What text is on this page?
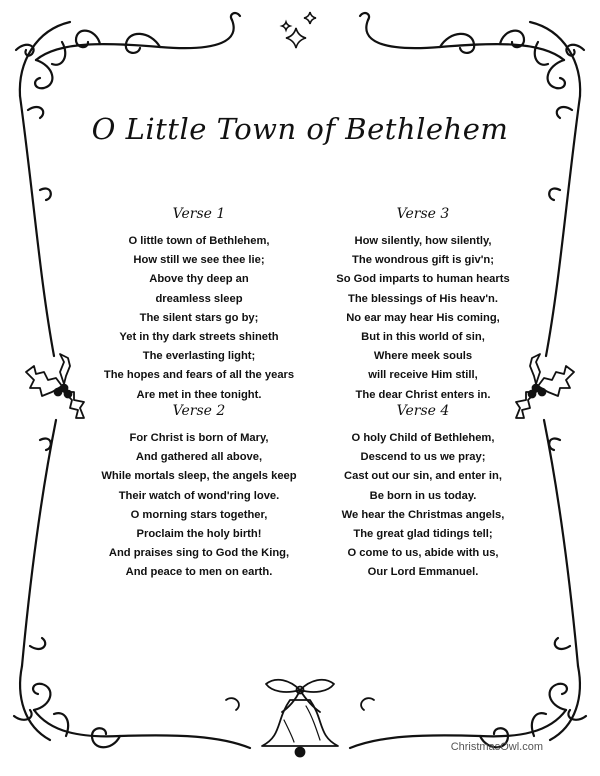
O Little Town of Bethlehem
Verse 1
O little town of Bethlehem,
How still we see thee lie;
Above thy deep an
dreamless sleep
The silent stars go by;
Yet in thy dark streets shineth
The everlasting light;
The hopes and fears of all the years
Are met in thee tonight.
Verse 2
For Christ is born of Mary,
And gathered all above,
While mortals sleep, the angels keep
Their watch of wond'ring love.
O morning stars together,
Proclaim the holy birth!
And praises sing to God the King,
And peace to men on earth.
Verse 3
How silently, how silently,
The wondrous gift is giv'n;
So God imparts to human hearts
The blessings of His heav'n.
No ear may hear His coming,
But in this world of sin,
Where meek souls
will receive Him still,
The dear Christ enters in.
Verse 4
O holy Child of Bethlehem,
Descend to us we pray;
Cast out our sin, and enter in,
Be born in us today.
We hear the Christmas angels,
The great glad tidings tell;
O come to us, abide with us,
Our Lord Emmanuel.
ChristmasOwl.com
